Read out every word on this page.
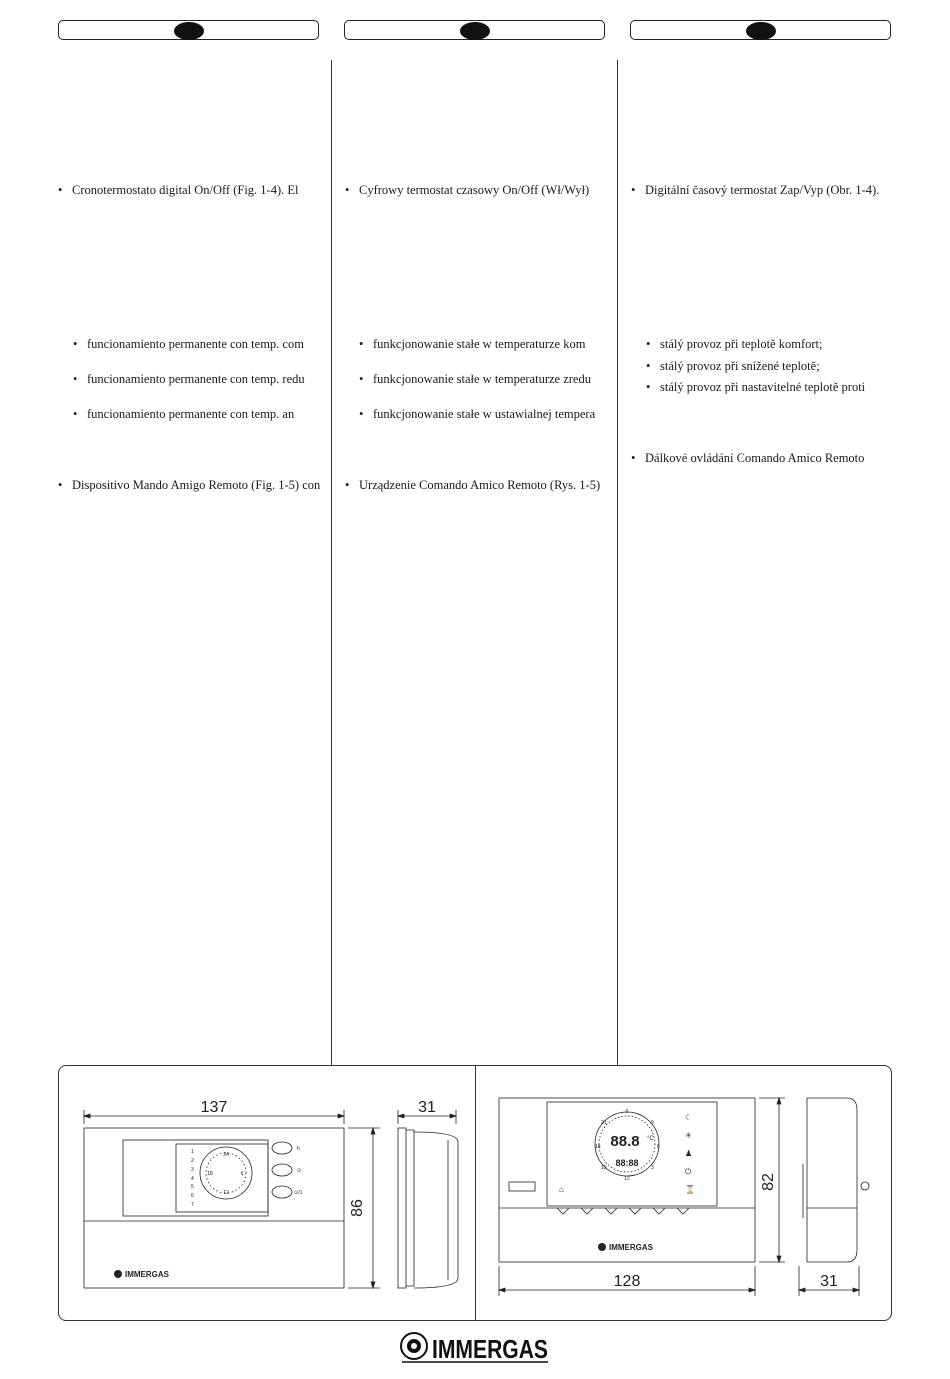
• Cronotermostato digital On/Off (Fig. 1-4). El
• funcionamiento permanente con temp. com
• funcionamiento permanente con temp. redu
• funcionamiento permanente con temp. an
• Dispositivo Mando Amigo Remoto (Fig. 1-5) con
• Cyfrowy termostat czasowy On/Off (Wł/Wył)
• funkcjonowanie stałe w temperaturze kom
• funkcjonowanie stałe w temperaturze zredu
• funkcjonowanie stałe w ustawialnej tempera
• Urządzenie Comando Amico Remoto (Rys. 1-5)
• Digitální časový termostat Zap/Vyp (Obr. 1-4).
• stálý provoz při teplotě komfort;
• stálý provoz při snížené teplotě;
• stálý provoz při nastavitelné teplotě proti
• Dálkové ovládání Comando Amico Remoto
137	31
86
1
2
3
4
5
6
7
24
6
12
18
ħ
⊙
⊙/1
IMMERGAS	128	31
82
88.8 °C
88:88
0
21
18
15
12
3
6
9
☾
✳
♟
⏻
⌛
⌂
IMMERGAS
IMMERGAS
